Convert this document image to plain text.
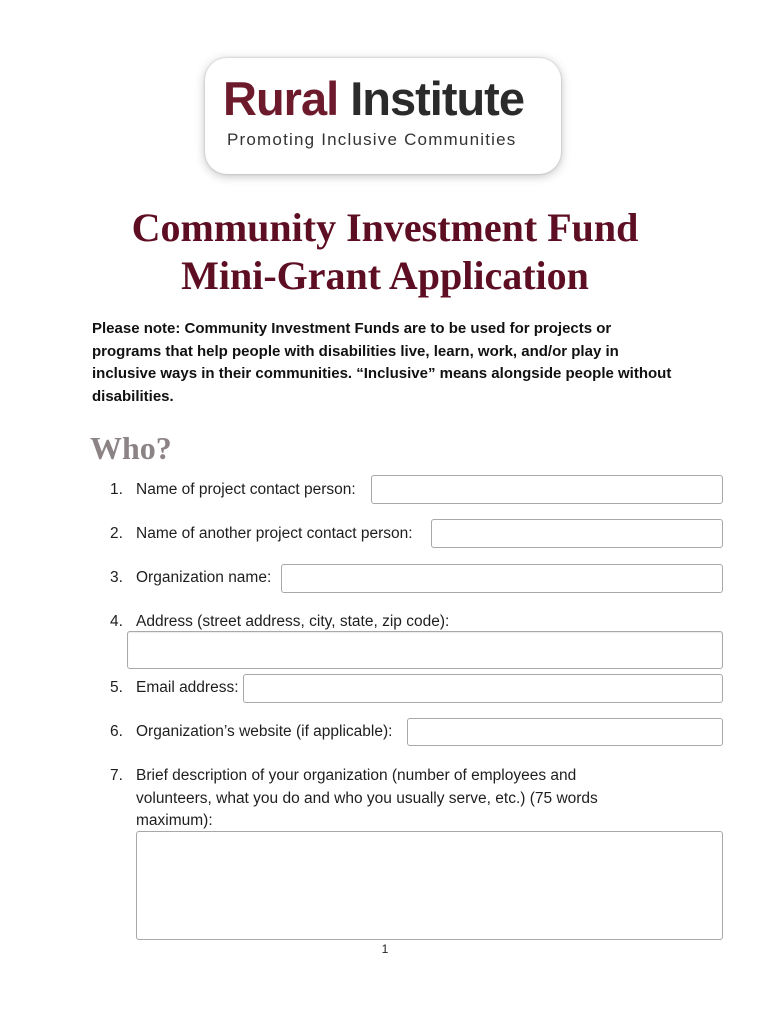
Rural Institute
Promoting Inclusive Communities
Community Investment Fund
Mini-Grant Application
Please note: Community Investment Funds are to be used for projects or programs that help people with disabilities live, learn, work, and/or play in inclusive ways in their communities. “Inclusive” means alongside people without disabilities.
Who?
1. Name of project contact person:
2. Name of another project contact person:
3. Organization name:
4. Address (street address, city, state, zip code):
5. Email address:
6. Organization’s website (if applicable):
7. Brief description of your organization (number of employees and
volunteers, what you do and who you usually serve, etc.) (75 words
maximum):
1
